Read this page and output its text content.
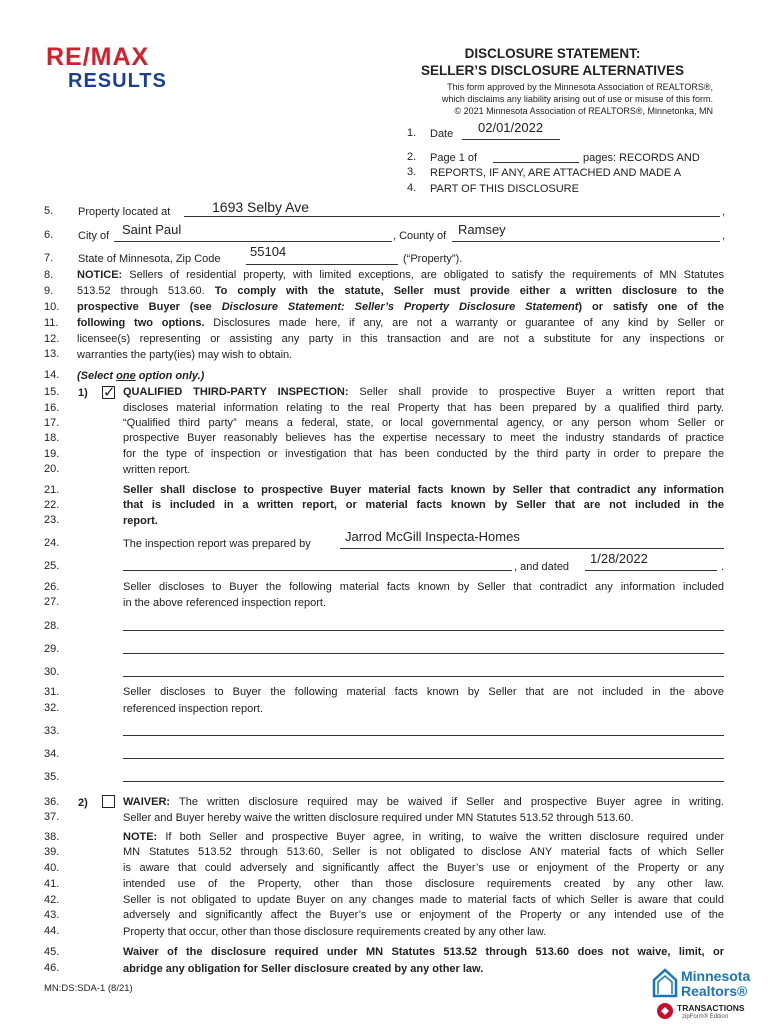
RE/MAX
RESULTS
DISCLOSURE STATEMENT:
SELLER’S DISCLOSURE ALTERNATIVES
This form approved by the Minnesota Association of REALTORS®,
which disclaims any liability arising out of use or misuse of this form.
© 2021 Minnesota Association of REALTORS®, Minnetonka, MN
1.	Date 02/01/2022
2.	Page 1 of	pages: RECORDS AND
3.	REPORTS, IF ANY, ARE ATTACHED AND MADE A
4.	PART OF THIS DISCLOSURE
5.	Property located at	1693 Selby Ave	,
6.	City of Saint Paul	, County of Ramsey	,
7.	State of Minnesota, Zip Code 55104	(“Property”).
8.	NOTICE: Sellers of residential property, with limited exceptions, are obligated to satisfy the requirements of MN Statutes
9.	513.52 through 513.60. To comply with the statute, Seller must provide either a written disclosure to the
10.	prospective Buyer (see Disclosure Statement: Seller’s Property Disclosure Statement) or satisfy one of the
11.	following two options. Disclosures made here, if any, are not a warranty or guarantee of any kind by Seller or
12.	licensee(s) representing or assisting any party in this transaction and are not a substitute for any inspections or
13.	warranties the party(ies) may wish to obtain.
14.	(Select one option only.)
15.	1) ✓ QUALIFIED THIRD-PARTY INSPECTION: Seller shall provide to prospective Buyer a written report that
16.	discloses material information relating to the real Property that has been prepared by a qualified third party.
17.	“Qualified third party” means a federal, state, or local governmental agency, or any person whom Seller or
18.	prospective Buyer reasonably believes has the expertise necessary to meet the industry standards of practice
19.	for the type of inspection or investigation that has been conducted by the third party in order to prepare the
20.	written report.
21.	Seller shall disclose to prospective Buyer material facts known by Seller that contradict any information
22.	that is included in a written report, or material facts known by Seller that are not included in the
23.	report.
24.	The inspection report was prepared by	Jarrod McGill Inspecta-Homes
25.	, and dated
1/28/2022
.
26.	Seller discloses to Buyer the following material facts known by Seller that contradict any information included
27.	in the above referenced inspection report.
28.
29.
30.
31.	Seller discloses to Buyer the following material facts known by Seller that are not included in the above
32.	referenced inspection report.
33.
34.
35.
36.	2)	WAIVER: The written disclosure required may be waived if Seller and prospective Buyer agree in writing.
37.	Seller and Buyer hereby waive the written disclosure required under MN Statutes 513.52 through 513.60.
38.	NOTE: If both Seller and prospective Buyer agree, in writing, to waive the written disclosure required under
39.	MN Statutes 513.52 through 513.60, Seller is not obligated to disclose ANY material facts of which Seller
40.	is aware that could adversely and significantly affect the Buyer’s use or enjoyment of the Property or any
41.	intended use of the Property, other than those disclosure requirements created by any other law.
42.	Seller is not obligated to update Buyer on any changes made to material facts of which Seller is aware that could
43.	adversely and significantly affect the Buyer’s use or enjoyment of the Property or any intended use of the
44.	Property that occur, other than those disclosure requirements created by any other law.
45.	Waiver of the disclosure required under MN Statutes 513.52 through 513.60 does not waive, limit, or
46.	abridge any obligation for Seller disclosure created by any other law.
MN:DS:SDA-1 (8/21)
Minnesota
Realtors®
TRANSACTIONS
zipForm® Edition
